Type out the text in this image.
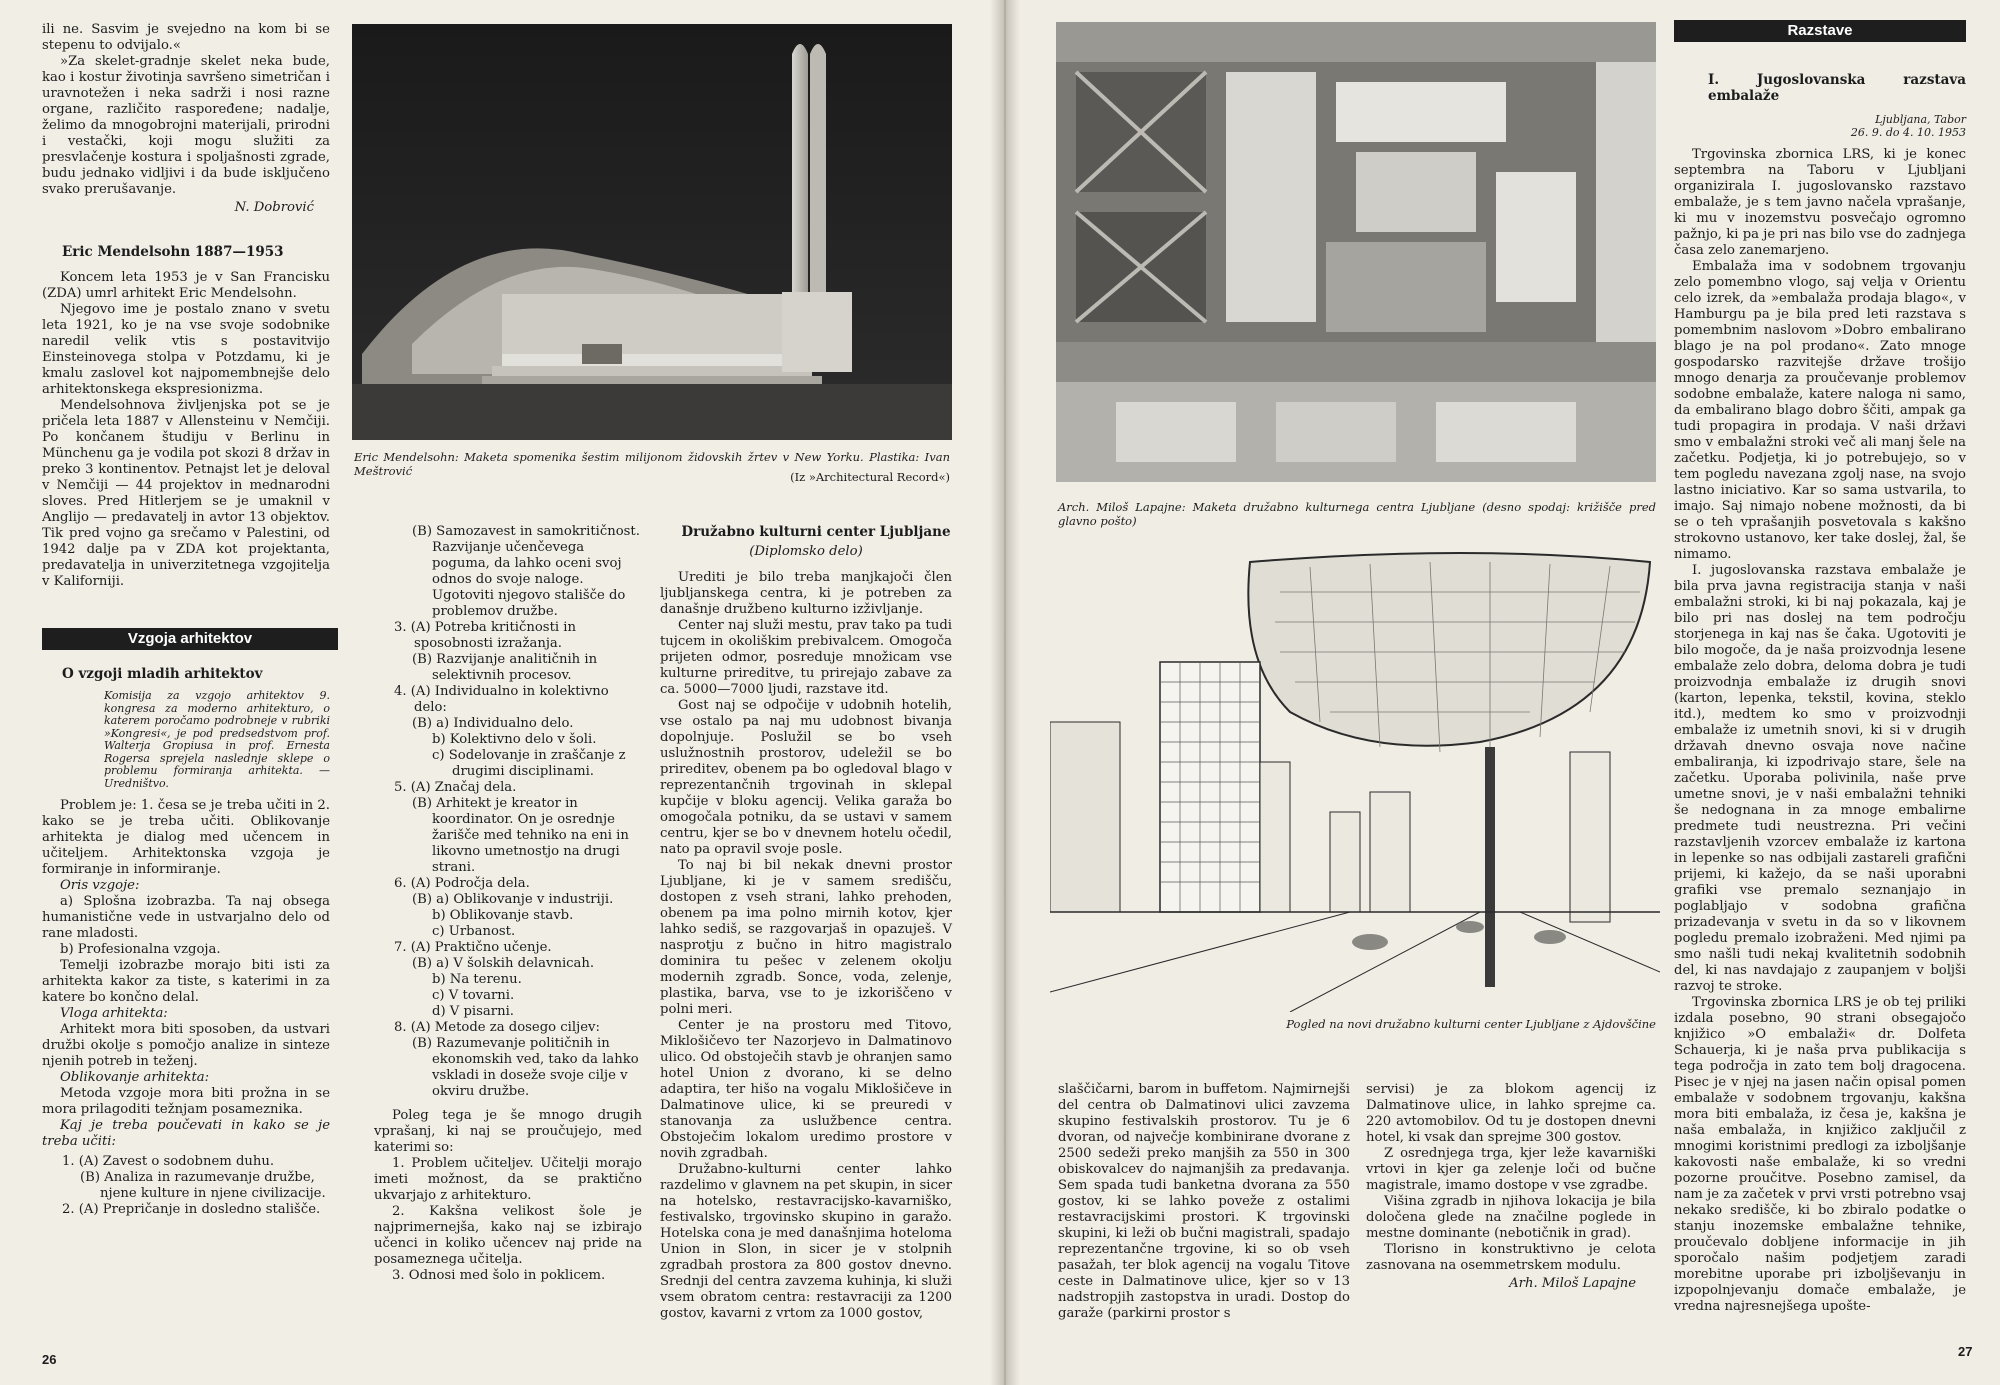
ili ne. Sasvim je svejedno na kom bi se stepenu to odvijalo.«

»Za skelet-gradnje skelet neka bude, kao i kostur životinja savršeno simetričan i uravnotežen i neka sadrži i nosi razne organe, različito raspoređene; nadalje, želimo da mnogobrojni materijali, prirodni i vestački, koji mogu služiti za presvlačenje kostura i spoljašnosti zgrade, budu jednako vidljivi i da bude isključeno svako prerušavanje.

N. Dobrović
Eric Mendelsohn 1887—1953

Koncem leta 1953 je v San Francisku (ZDA) umrl arhitekt Eric Mendelsohn.

Njegovo ime je postalo znano v svetu leta 1921, ko je na vse svoje sodobnike naredil velik vtis s postavitvijo Einsteinovega stolpa v Potzdamu, ki je kmalu zaslovel kot najpomembnejše delo arhitektonskega ekspresionizma.

Mendelsohnova življenjska pot se je pričela leta 1887 v Allensteinu v Nemčiji. Po končanem študiju v Berlinu in Münchenu ga je vodila pot skozi 8 držav in preko 3 kontinentov. Petnajst let je deloval v Nemčiji — 44 projektov in mednarodni sloves. Pred Hitlerjem se je umaknil v Anglijo — predavatelj in avtor 13 objektov. Tik pred vojno ga srečamo v Palestini, od 1942 dalje pa v ZDA kot projektanta, predavatelja in univerzitetnega vzgojitelja v Kaliforniji.

Vzgoja arhitektov
O vzgoji mladih arhitektov
Komisija za vzgojo arhitektov 9. kongresa za moderno arhitekturo, o katerem poročamo podrobneje v rubriki »Kongresi«, je pod predsedstvom prof. Walterja Gropiusa in prof. Ernesta Rogersa sprejela naslednje sklepe o problemu formiranja arhitekta. — Uredništvo.

Problem je: 1. česa se je treba učiti in 2. kako se je treba učiti. Oblikovanje arhitekta je dialog med učencem in učiteljem. Arhitektonska vzgoja je formiranje in informiranje.

Oris vzgoje:

a) Splošna izobrazba. Ta naj obsega humanistične vede in ustvarjalno delo od rane mladosti.

b) Profesionalna vzgoja.

Temelji izobrazbe morajo biti isti za arhitekta kakor za tiste, s katerimi in za katere bo končno delal.

Vloga arhitekta:

Arhitekt mora biti sposoben, da ustvari družbi okolje s pomočjo analize in sinteze njenih potreb in teženj.

Oblikovanje arhitekta:

Metoda vzgoje mora biti prožna in se mora prilagoditi težnjam posameznika.

Kaj je treba poučevati in kako se je treba učiti:

1. (A) Zavest o sodobnem duhu.
(B) Analiza in razumevanje družbe, njene kulture in njene civilizacije.
2. (A) Prepričanje in dosledno stališče.
Eric Mendelsohn: Maketa spomenika šestim milijonom židovskih žrtev v New Yorku. Plastika: Ivan Meštrović	(Iz »Architectural Record«)
(B) Samozavest in samokritičnost. Razvijanje učenčevega poguma, da lahko oceni svoj odnos do svoje naloge. Ugotoviti njegovo stališče do problemov družbe.
3. (A) Potreba kritičnosti in sposobnosti izražanja.
(B) Razvijanje analitičnih in selektivnih procesov.
4. (A) Individualno in kolektivno delo:
(B) a) Individualno delo.
b) Kolektivno delo v šoli.
c) Sodelovanje in zraščanje z drugimi disciplinami.
5. (A) Značaj dela.
(B) Arhitekt je kreator in koordinator. On je osrednje žarišče med tehniko na eni in likovno umetnostjo na drugi strani.
6. (A) Področja dela.
(B) a) Oblikovanje v industriji.
b) Oblikovanje stavb.
c) Urbanost.
7. (A) Praktično učenje.
(B) a) V šolskih delavnicah.
b) Na terenu.
c) V tovarni.
d) V pisarni.
8. (A) Metode za dosego ciljev:
(B) Razumevanje političnih in ekonomskih ved, tako da lahko vskladi in doseže svoje cilje v okviru družbe.

Poleg tega je še mnogo drugih vprašanj, ki naj se proučujejo, med katerimi so:

1. Problem učiteljev. Učitelji morajo imeti možnost, da se praktično ukvarjajo z arhitekturo.

2. Kakšna velikost šole je najprimernejša, kako naj se izbirajo učenci in koliko učencev naj pride na posameznega učitelja.

3. Odnosi med šolo in poklicem.

Družabno kulturni center Ljubljane
(Diplomsko delo)

Urediti je bilo treba manjkajoči člen ljubljanskega centra, ki je potreben za današnje družbeno kulturno izživljanje.

Center naj služi mestu, prav tako pa tudi tujcem in okoliškim prebivalcem. Omogoča prijeten odmor, posreduje množicam vse kulturne prireditve, tu prirejajo zabave za ca. 5000—7000 ljudi, razstave itd.

Gost naj se odpočije v udobnih hotelih, vse ostalo pa naj mu udobnost bivanja dopolnjuje. Poslužil se bo vseh uslužnostnih prostorov, udeležil se bo prireditev, obenem pa bo ogledoval blago v reprezentančnih trgovinah in sklepal kupčije v bloku agencij. Velika garaža bo omogočala potniku, da se ustavi v samem centru, kjer se bo v dnevnem hotelu očedil, nato pa opravil svoje posle.

To naj bi bil nekak dnevni prostor Ljubljane, ki je v samem središču, dostopen z vseh strani, lahko prehoden, obenem pa ima polno mirnih kotov, kjer lahko sediš, se razgovarjaš in opazuješ. V nasprotju z bučno in hitro magistralo dominira tu pešec v zelenem okolju modernih zgradb. Sonce, voda, zelenje, plastika, barva, vse to je izkoriščeno v polni meri.

Center je na prostoru med Titovo, Miklošičevo ter Nazorjevo in Dalmatinovo ulico. Od obstoječih stavb je ohranjen samo hotel Union z dvorano, ki se delno adaptira, ter hišo na vogalu Miklošičeve in Dalmatinove ulice, ki se preuredi v stanovanja za uslužbence centra. Obstoječim lokalom uredimo prostore v novih zgradbah.

Družabno-kulturni center lahko razdelimo v glavnem na pet skupin, in sicer na hotelsko, restavracijsko-kavarniško, festivalsko, trgovinsko skupino in garažo. Hotelska cona je med današnjima hoteloma Union in Slon, in sicer je v stolpnih zgradbah prostora za 800 gostov dnevno. Srednji del centra zavzema kuhinja, ki služi vsem obratom centra: restavraciji za 1200 gostov, kavarni z vrtom za 1000 gostov,

26
Arch. Miloš Lapajne: Maketa družabno kulturnega centra Ljubljane (desno spodaj: križišče pred glavno pošto)
Pogled na novi družabno kulturni center Ljubljane z Ajdovščine

slaščičarni, barom in buffetom. Najmirnejši del centra ob Dalmatinovi ulici zavzema skupino festivalskih prostorov. Tu je 6 dvoran, od največje kombinirane dvorane z 2500 sedeži preko manjših za 550 in 300 obiskovalcev do najmanjših za predavanja. Sem spada tudi banketna dvorana za 550 gostov, ki se lahko poveže z ostalimi restavracijskimi prostori. K trgovinski skupini, ki leži ob bučni magistrali, spadajo reprezentančne trgovine, ki so ob vseh pasažah, ter blok agencij na vogalu Titove ceste in Dalmatinove ulice, kjer so v 13 nadstropjih zastopstva in uradi. Dostop do garaže (parkirni prostor s

servisi) je za blokom agencij iz Dalmatinove ulice, in lahko sprejme ca. 220 avtomobilov. Od tu je dostopen dnevni hotel, ki vsak dan sprejme 300 gostov.

Z osrednjega trga, kjer leže kavarniški vrtovi in kjer ga zelenje loči od bučne magistrale, imamo dostope v vse zgradbe.

Višina zgradb in njihova lokacija je bila določena glede na značilne poglede in mestne dominante (nebotičnik in grad).

Tlorisno in konstruktivno je celota zasnovana na osemmetrskem modulu.

Arh. Miloš Lapajne
Razstave
I. Jugoslovanska razstava embalaže
Ljubljana, Tabor
26. 9. do 4. 10. 1953

Trgovinska zbornica LRS, ki je konec septembra na Taboru v Ljubljani organizirala I. jugoslovansko razstavo embalaže, je s tem javno načela vprašanje, ki mu v inozemstvu posvečajo ogromno pažnjo, ki pa je pri nas bilo vse do zadnjega časa zelo zanemarjeno.

Embalaža ima v sodobnem trgovanju zelo pomembno vlogo, saj velja v Orientu celo izrek, da »embalaža prodaja blago«, v Hamburgu pa je bila pred leti razstava s pomembnim naslovom »Dobro embalirano blago je na pol prodano«. Zato mnoge gospodarsko razvitejše države trošijo mnogo denarja za proučevanje problemov sodobne embalaže, katere naloga ni samo, da embalirano blago dobro ščiti, ampak ga tudi propagira in prodaja. V naši državi smo v embalažni stroki več ali manj šele na začetku. Podjetja, ki jo potrebujejo, so v tem pogledu navezana zgolj nase, na svojo lastno iniciativo. Kar so sama ustvarila, to imajo. Saj nimajo nobene možnosti, da bi se o teh vprašanjih posvetovala s kakšno strokovno ustanovo, ker take doslej, žal, še nimamo.

I. jugoslovanska razstava embalaže je bila prva javna registracija stanja v naši embalažni stroki, ki bi naj pokazala, kaj je bilo pri nas doslej na tem področju storjenega in kaj nas še čaka. Ugotoviti je bilo mogoče, da je naša proizvodnja lesene embalaže zelo dobra, deloma dobra je tudi proizvodnja embalaže iz drugih snovi (karton, lepenka, tekstil, kovina, steklo itd.), medtem ko smo v proizvodnji embalaže iz umetnih snovi, ki si v drugih državah dnevno osvaja nove načine embaliranja, ki izpodrivajo stare, šele na začetku. Uporaba polivinila, naše prve umetne snovi, je v naši embalažni tehniki še nedognana in za mnoge embalirne predmete tudi neustrezna. Pri večini razstavljenih vzorcev embalaže iz kartona in lepenke so nas odbijali zastareli grafični prijemi, ki kažejo, da se naši uporabni grafiki vse premalo seznanjajo in poglabljajo v sodobna grafična prizadevanja v svetu in da so v likovnem pogledu premalo izobraženi. Med njimi pa smo našli tudi nekaj kvalitetnih sodobnih del, ki nas navdajajo z zaupanjem v boljši razvoj te stroke.

Trgovinska zbornica LRS je ob tej priliki izdala posebno, 90 strani obsegajočo knjižico »O embalaži« dr. Dolfeta Schauerja, ki je naša prva publikacija s tega področja in zato tem bolj dragocena. Pisec je v njej na jasen način opisal pomen embalaže v sodobnem trgovanju, kakšna mora biti embalaža, iz česa je, kakšna je naša embalaža, in knjižico zaključil z mnogimi koristnimi predlogi za izboljšanje kakovosti naše embalaže, ki so vredni pozorne proučitve. Posebno zamisel, da nam je za začetek v prvi vrsti potrebno vsaj nekako središče, ki bo zbiralo podatke o stanju inozemske embalažne tehnike, proučevalo dobljene informacije in jih sporočalo našim podjetjem zaradi morebitne uporabe pri izboljševanju in izpopolnjevanju domače embalaže, je vredna najresnejšega upošte-

27
